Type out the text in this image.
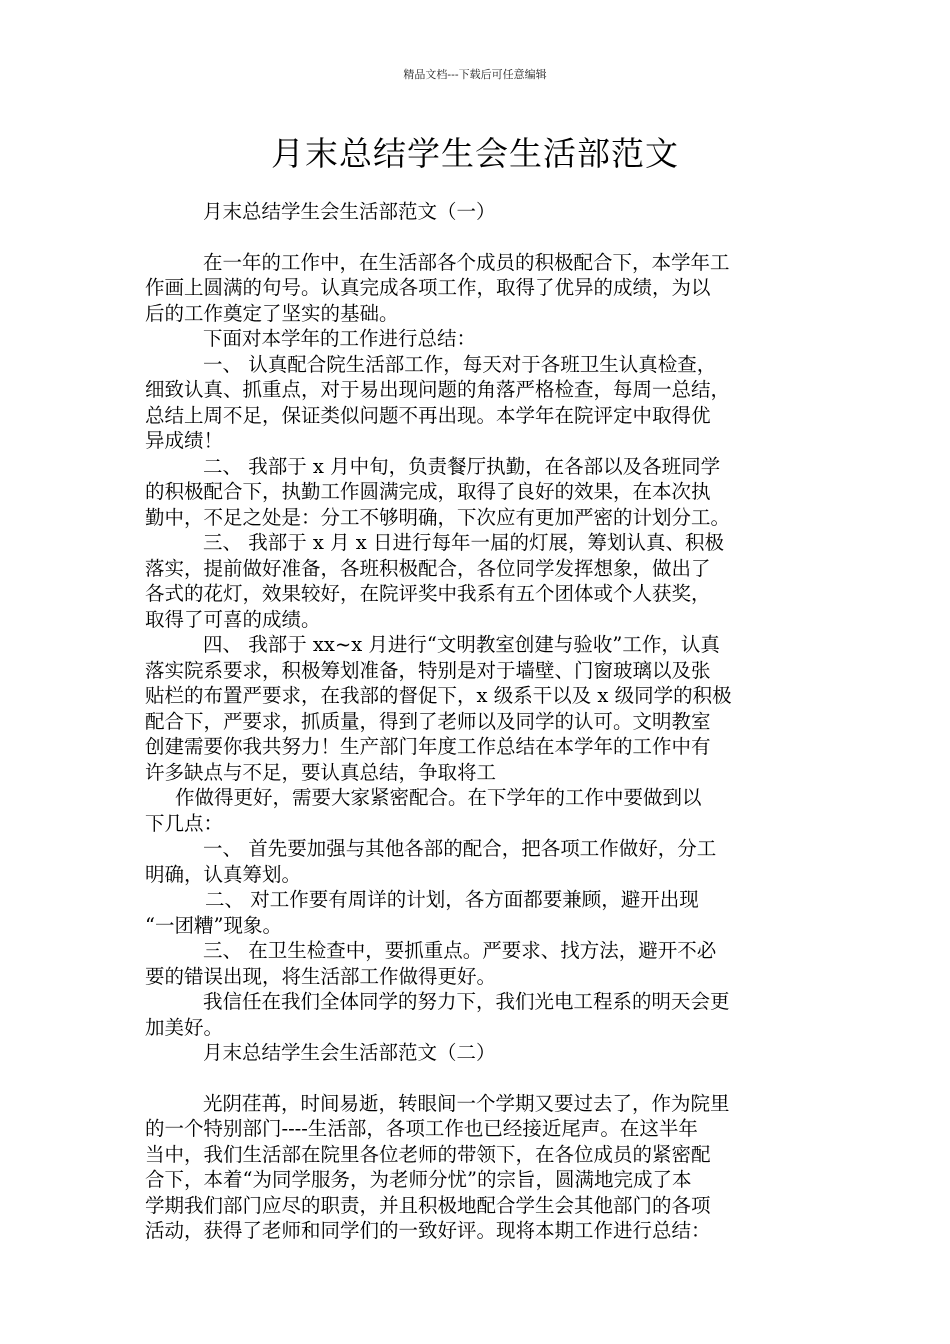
精品文档---下载后可任意编辑
月末总结学生会生活部范文
月末总结学生会生活部范文（一）
在一年的工作中，在生活部各个成员的积极配合下，本学年工
作画上圆满的句号。认真完成各项工作，取得了优异的成绩，为以
后的工作奠定了坚实的基础。
下面对本学年的工作进行总结：
一、 认真配合院生活部工作，每天对于各班卫生认真检查，
细致认真、抓重点，对于易出现问题的角落严格检查，每周一总结，
总结上周不足，保证类似问题不再出现。本学年在院评定中取得优
异成绩！
二、 我部于 x 月中旬，负责餐厅执勤，在各部以及各班同学
的积极配合下，执勤工作圆满完成，取得了良好的效果，在本次执
勤中，不足之处是：分工不够明确，下次应有更加严密的计划分工。
三、 我部于 x 月 x 日进行每年一届的灯展，筹划认真、积极
落实，提前做好准备，各班积极配合，各位同学发挥想象，做出了
各式的花灯，效果较好，在院评奖中我系有五个团体或个人获奖，
取得了可喜的成绩。
四、 我部于 xx~x 月进行“文明教室创建与验收”工作，认真
落实院系要求，积极筹划准备，特别是对于墙壁、门窗玻璃以及张
贴栏的布置严要求，在我部的督促下，x 级系干以及 x 级同学的积极
配合下，严要求，抓质量，得到了老师以及同学的认可。文明教室
创建需要你我共努力！生产部门年度工作总结在本学年的工作中有
许多缺点与不足，要认真总结，争取将工
作做得更好，需要大家紧密配合。在下学年的工作中要做到以
下几点：
一、 首先要加强与其他各部的配合，把各项工作做好，分工
明确，认真筹划。
二、 对工作要有周详的计划，各方面都要兼顾，避开出现
“一团糟”现象。
三、 在卫生检查中，要抓重点。严要求、找方法，避开不必
要的错误出现，将生活部工作做得更好。
我信任在我们全体同学的努力下，我们光电工程系的明天会更
加美好。
月末总结学生会生活部范文（二）
光阴荏苒，时间易逝，转眼间一个学期又要过去了，作为院里
的一个特别部门----生活部，各项工作也已经接近尾声。在这半年
当中，我们生活部在院里各位老师的带领下，在各位成员的紧密配
合下，本着“为同学服务，为老师分忧”的宗旨，圆满地完成了本
学期我们部门应尽的职责，并且积极地配合学生会其他部门的各项
活动，获得了老师和同学们的一致好评。现将本期工作进行总结：
